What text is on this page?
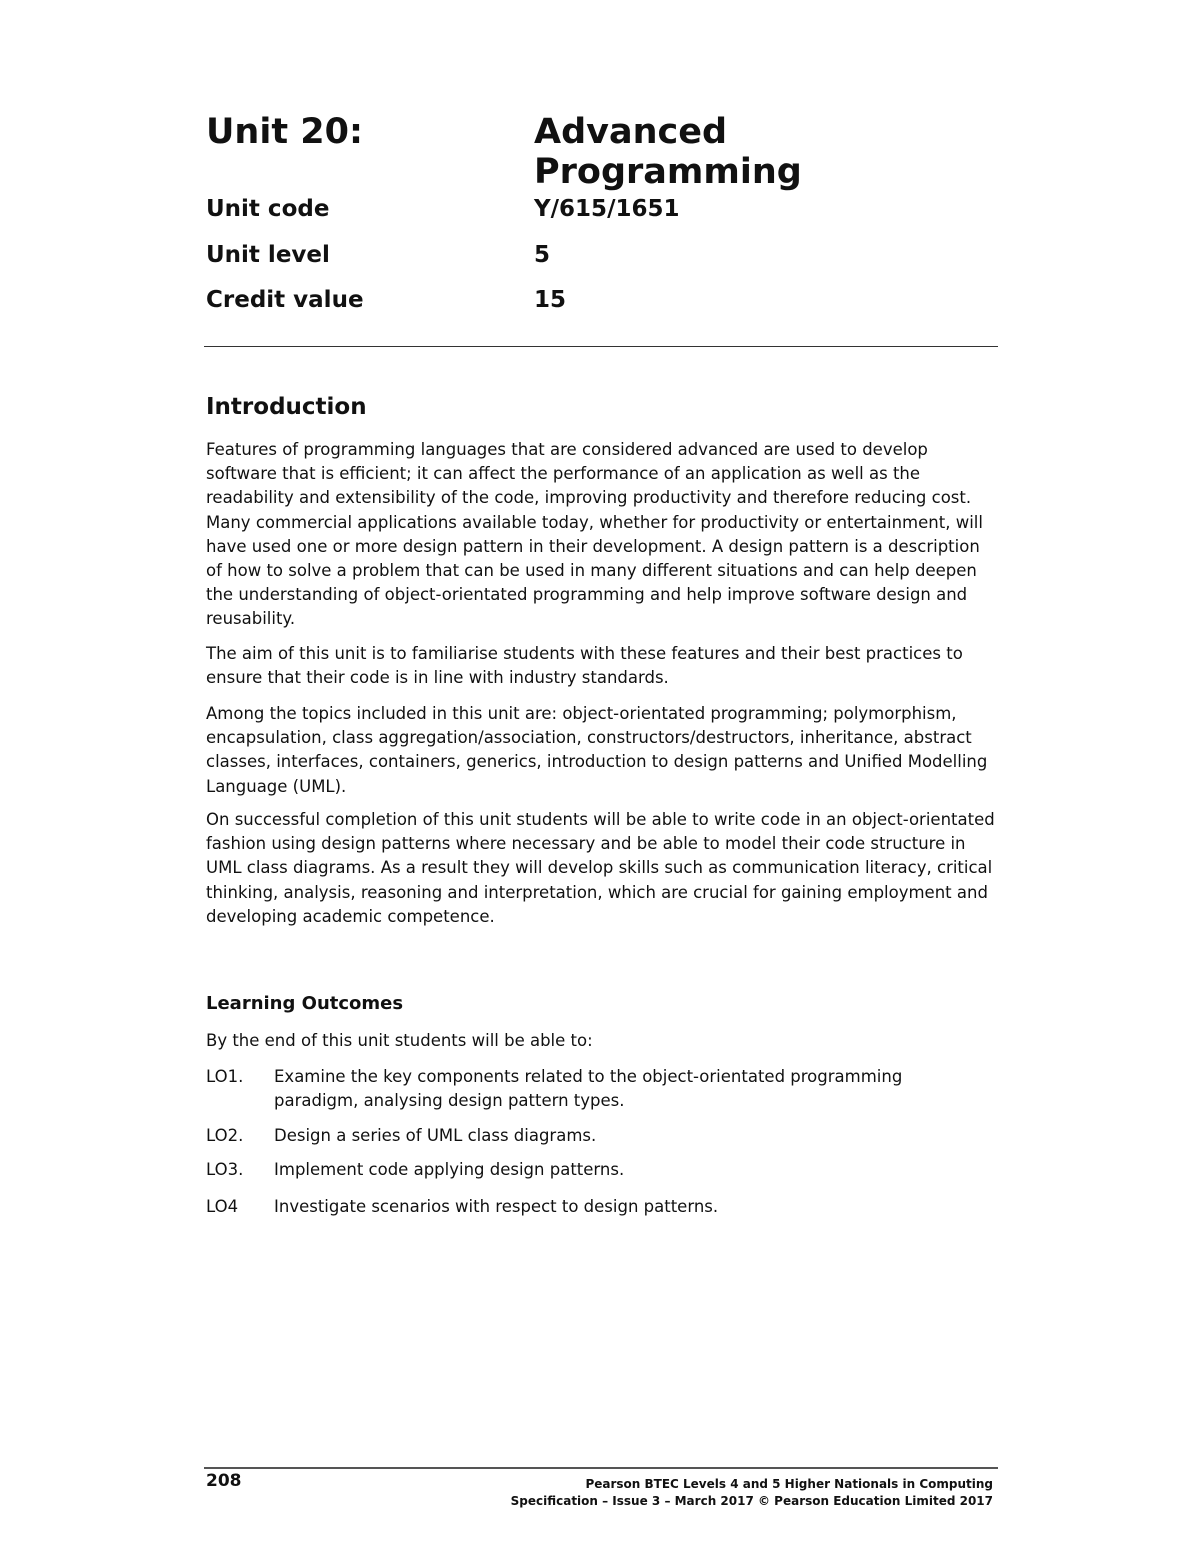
Unit 20:	Advanced Programming
Unit code	Y/615/1651
Unit level	5
Credit value	15
Introduction

Features of programming languages that are considered advanced are used to develop software that is efficient; it can affect the performance of an application as well as the readability and extensibility of the code, improving productivity and therefore reducing cost. Many commercial applications available today, whether for productivity or entertainment, will have used one or more design pattern in their development. A design pattern is a description of how to solve a problem that can be used in many different situations and can help deepen the understanding of object-orientated programming and help improve software design and reusability.

The aim of this unit is to familiarise students with these features and their best practices to ensure that their code is in line with industry standards.

Among the topics included in this unit are: object-orientated programming; polymorphism, encapsulation, class aggregation/association, constructors/destructors, inheritance, abstract classes, interfaces, containers, generics, introduction to design patterns and Unified Modelling Language (UML).

On successful completion of this unit students will be able to write code in an object-orientated fashion using design patterns where necessary and be able to model their code structure in UML class diagrams. As a result they will develop skills such as communication literacy, critical thinking, analysis, reasoning and interpretation, which are crucial for gaining employment and developing academic competence.

Learning Outcomes

By the end of this unit students will be able to:

LO1. Examine the key components related to the object-orientated programming paradigm, analysing design pattern types.
LO2. Design a series of UML class diagrams.
LO3. Implement code applying design patterns.
LO4 Investigate scenarios with respect to design patterns.
208	Pearson BTEC Levels 4 and 5 Higher Nationals in Computing
Specification – Issue 3 – March 2017 © Pearson Education Limited 2017
